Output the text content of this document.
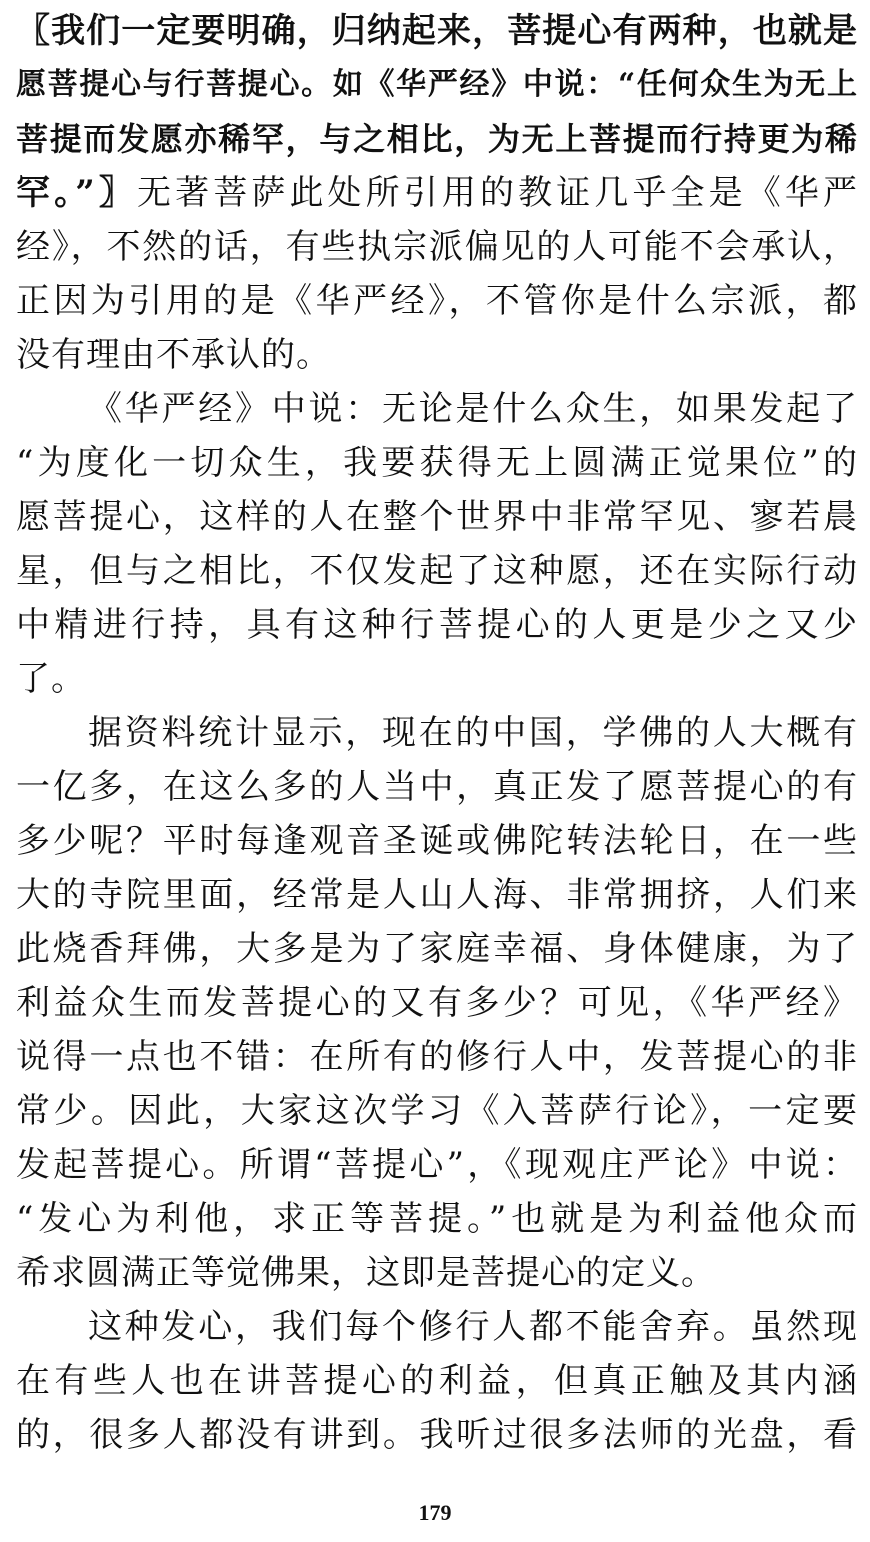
〖我们一定要明确，归纳起来，菩提心有两种，也就是
愿菩提心与行菩提心。如《华严经》中说：“任何众生为无上
菩提而发愿亦稀罕，与之相比，为无上菩提而行持更为稀
罕。”〗无著菩萨此处所引用的教证几乎全是《华严
经》，不然的话，有些执宗派偏见的人可能不会承认，
正因为引用的是《华严经》，不管你是什么宗派，都
没有理由不承认的。
《华严经》中说：无论是什么众生，如果发起了
“为度化一切众生，我要获得无上圆满正觉果位”的
愿菩提心，这样的人在整个世界中非常罕见、寥若晨
星，但与之相比，不仅发起了这种愿，还在实际行动
中精进行持，具有这种行菩提心的人更是少之又少
了。
据资料统计显示，现在的中国，学佛的人大概有
一亿多，在这么多的人当中，真正发了愿菩提心的有
多少呢？平时每逢观音圣诞或佛陀转法轮日，在一些
大的寺院里面，经常是人山人海、非常拥挤，人们来
此烧香拜佛，大多是为了家庭幸福、身体健康，为了
利益众生而发菩提心的又有多少？可见，《华严经》
说得一点也不错：在所有的修行人中，发菩提心的非
常少。因此，大家这次学习《入菩萨行论》，一定要
发起菩提心。所谓“菩提心”，《现观庄严论》中说：
“发心为利他，求正等菩提。”也就是为利益他众而
希求圆满正等觉佛果，这即是菩提心的定义。
这种发心，我们每个修行人都不能舍弃。虽然现
在有些人也在讲菩提心的利益，但真正触及其内涵
的，很多人都没有讲到。我听过很多法师的光盘，看
179
